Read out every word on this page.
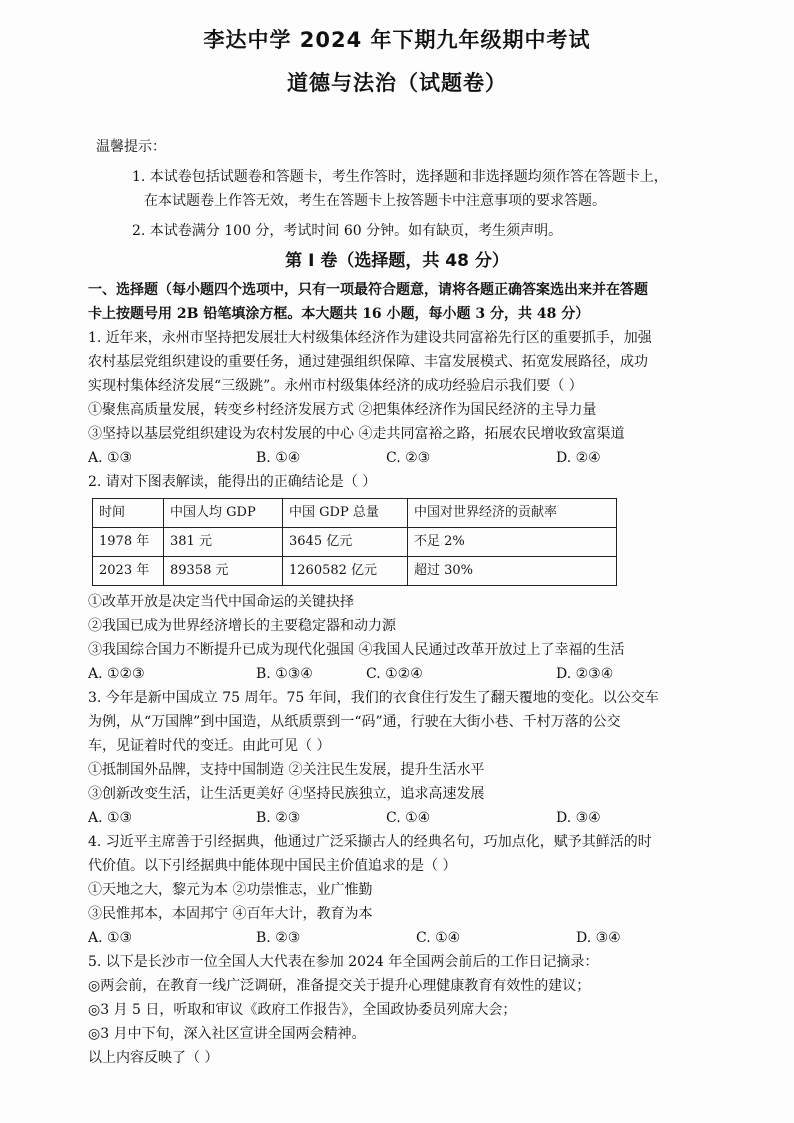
李达中学 2024 年下期九年级期中考试
道德与法治（试题卷）
温馨提示：
1. 本试卷包括试题卷和答题卡，考生作答时，选择题和非选择题均须作答在答题卡上，
在本试题卷上作答无效，考生在答题卡上按答题卡中注意事项的要求答题。
2. 本试卷满分 100 分，考试时间 60 分钟。如有缺页，考生须声明。
第 I 卷（选择题，共 48 分）

一、选择题（每小题四个选项中，只有一项最符合题意，请将各题正确答案选出来并在答题

卡上按题号用 2B 铅笔填涂方框。本大题共 16 小题，每小题 3 分，共 48 分）

1. 近年来，永州市坚持把发展壮大村级集体经济作为建设共同富裕先行区的重要抓手，加强

农村基层党组织建设的重要任务，通过建强组织保障、丰富发展模式、拓宽发展路径，成功

实现村集体经济发展“三级跳”。永州市村级集体经济的成功经验启示我们要（ ）

①聚焦高质量发展，转变乡村经济发展方式 ②把集体经济作为国民经济的主导力量

③坚持以基层党组织建设为农村发展的中心 ④走共同富裕之路，拓展农民增收致富渠道

A. ①③	B. ①④	C. ②③	D. ②④

2. 请对下图表解读，能得出的正确结论是（ ）

时间	中国人均 GDP	中国 GDP 总量	中国对世界经济的贡献率
1978 年	381 元	3645 亿元	不足 2%
2023 年	89358 元	1260582 亿元	超过 30%

①改革开放是决定当代中国命运的关键抉择

②我国已成为世界经济增长的主要稳定器和动力源

③我国综合国力不断提升已成为现代化强国 ④我国人民通过改革开放过上了幸福的生活

A. ①②③	B. ①③④	C. ①②④	D. ②③④

3. 今年是新中国成立 75 周年。75 年间，我们的衣食住行发生了翻天覆地的变化。以公交车

为例，从“万国牌”到中国造，从纸质票到一“码”通，行驶在大街小巷、千村万落的公交

车，见证着时代的变迁。由此可见（ ）

①抵制国外品牌，支持中国制造 ②关注民生发展，提升生活水平

③创新改变生活，让生活更美好 ④坚持民族独立，追求高速发展

A. ①③	B. ②③	C. ①④	D. ③④

4. 习近平主席善于引经据典，他通过广泛采撷古人的经典名句，巧加点化，赋予其鲜活的时

代价值。以下引经据典中能体现中国民主价值追求的是（ ）

①天地之大，黎元为本 ②功崇惟志，业广惟勤

③民惟邦本，本固邦宁 ④百年大计，教育为本

A. ①③	B. ②③	C. ①④	D. ③④

5. 以下是长沙市一位全国人大代表在参加 2024 年全国两会前后的工作日记摘录：

◎两会前，在教育一线广泛调研，准备提交关于提升心理健康教育有效性的建议；

◎3 月 5 日，听取和审议《政府工作报告》，全国政协委员列席大会；

◎3 月中下旬，深入社区宣讲全国两会精神。

以上内容反映了（ ）
